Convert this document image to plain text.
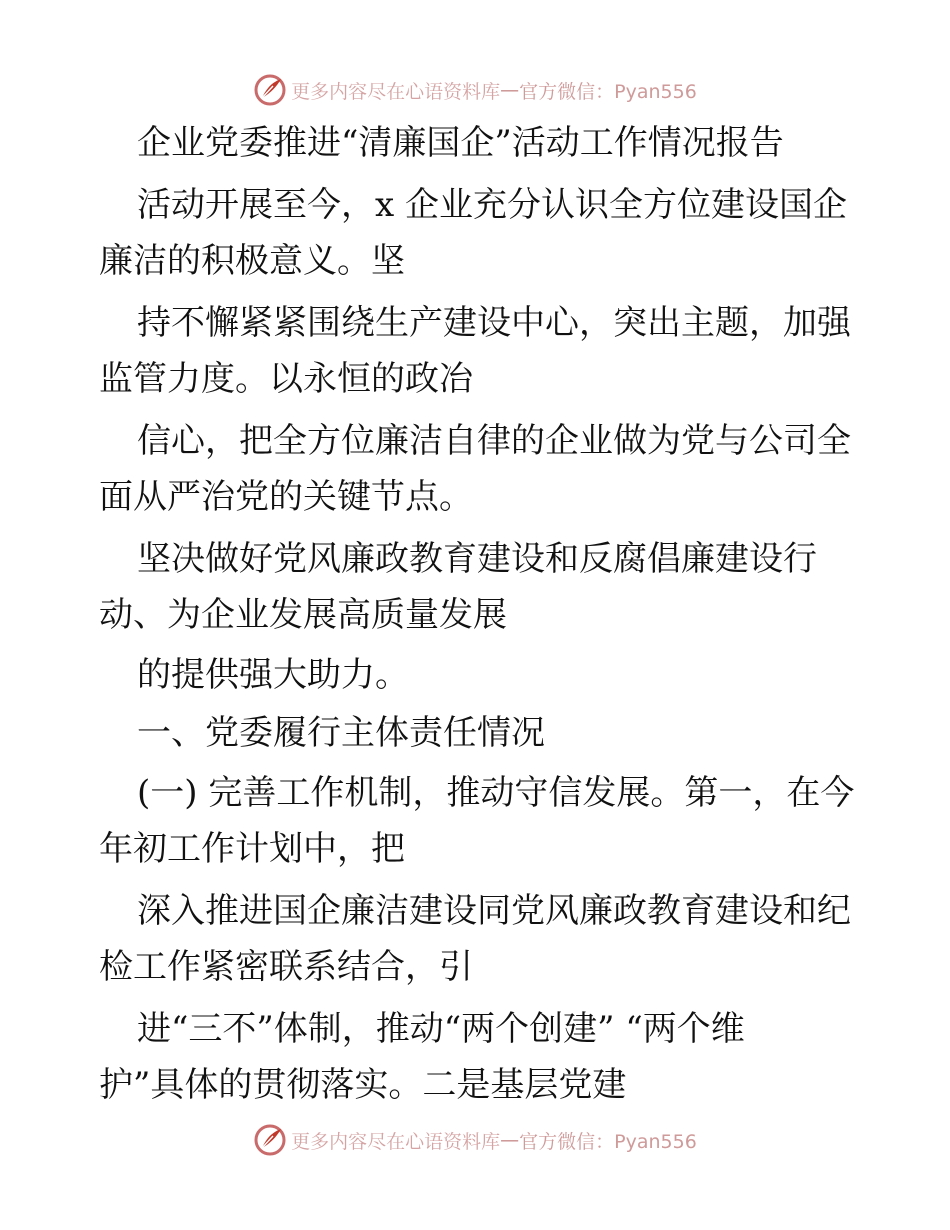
更多内容尽在心语资料库 — 官方微信：Pyan556
企业党委推进“清廉国企”活动工作情况报告
活动开展至今，x 企业充分认识全方位建设国企
廉洁的积极意义。坚
持不懈紧紧围绕生产建设中心，突出主题，加强
监管力度。以永恒的政冶
信心，把全方位廉洁自律的企业做为党与公司全
面从严治党的关键节点。
坚决做好党风廉政教育建设和反腐倡廉建设行
动、为企业发展高质量发展
的提供强大助力。
一、党委履行主体责任情况
(一) 完善工作机制，推动守信发展。第一，在今
年初工作计划中，把
深入推进国企廉洁建设同党风廉政教育建设和纪
检工作紧密联系结合，引
进“三不”体制，推动“两个创建” “两个维
护”具体的贯彻落实。二是基层党建
更多内容尽在心语资料库 — 官方微信：Pyan556
